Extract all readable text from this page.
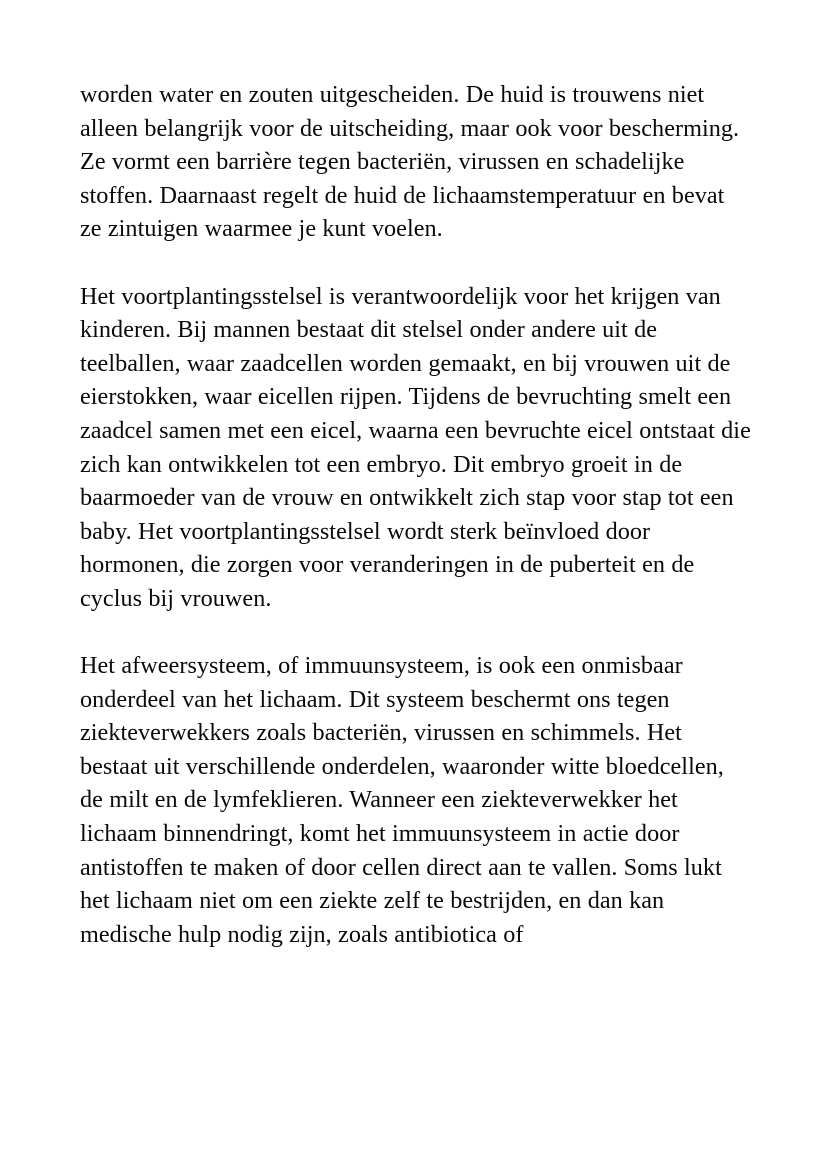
worden water en zouten uitgescheiden. De huid is trouwens niet alleen belangrijk voor de uitscheiding, maar ook voor bescherming. Ze vormt een barrière tegen bacteriën, virussen en schadelijke stoffen. Daarnaast regelt de huid de lichaamstemperatuur en bevat ze zintuigen waarmee je kunt voelen.

Het voortplantingsstelsel is verantwoordelijk voor het krijgen van kinderen. Bij mannen bestaat dit stelsel onder andere uit de teelballen, waar zaadcellen worden gemaakt, en bij vrouwen uit de eierstokken, waar eicellen rijpen. Tijdens de bevruchting smelt een zaadcel samen met een eicel, waarna een bevruchte eicel ontstaat die zich kan ontwikkelen tot een embryo. Dit embryo groeit in de baarmoeder van de vrouw en ontwikkelt zich stap voor stap tot een baby. Het voortplantingsstelsel wordt sterk beïnvloed door hormonen, die zorgen voor veranderingen in de puberteit en de cyclus bij vrouwen.

Het afweersysteem, of immuunsysteem, is ook een onmisbaar onderdeel van het lichaam. Dit systeem beschermt ons tegen ziekteverwekkers zoals bacteriën, virussen en schimmels. Het bestaat uit verschillende onderdelen, waaronder witte bloedcellen, de milt en de lymfeklieren. Wanneer een ziekteverwekker het lichaam binnendringt, komt het immuunsysteem in actie door antistoffen te maken of door cellen direct aan te vallen. Soms lukt het lichaam niet om een ziekte zelf te bestrijden, en dan kan medische hulp nodig zijn, zoals antibiotica of
